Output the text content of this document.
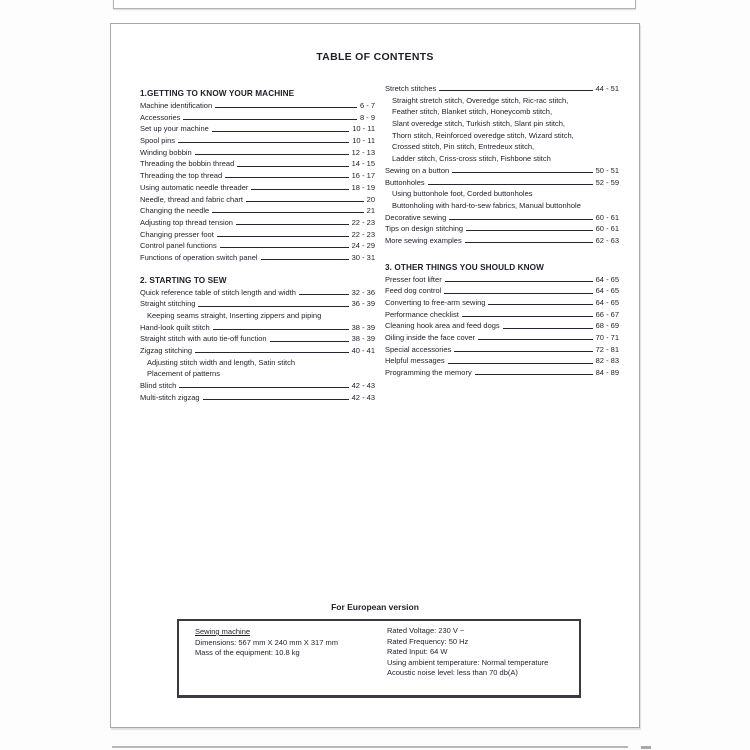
TABLE OF CONTENTS
1.GETTING TO KNOW YOUR MACHINE
Machine identification	6 - 7
Accessories	8 - 9
Set up your machine	10 - 11
Spool pins	10 - 11
Winding bobbin	12 - 13
Threading the bobbin thread	14 - 15
Threading the top thread	16 - 17
Using automatic needle threader	18 - 19
Needle, thread and fabric chart	20
Changing the needle	21
Adjusting top thread tension	22 - 23
Changing presser foot	22 - 23
Control panel functions	24 - 29
Functions of operation switch panel	30 - 31
2. STARTING TO SEW
Quick reference table of stitch length and width	32 - 36
Straight stitching	36 - 39
Keeping seams straight, Inserting zippers and piping
Hand-look quilt stitch	38 - 39
Straight stitch with auto tie-off function	38 - 39
Zigzag stitching	40 - 41
Adjusting stitch width and length, Satin stitch
Placement of patterns
Blind stitch	42 - 43
Multi-stitch zigzag	42 - 43
Stretch stitches	44 - 51
Straight stretch stitch, Overedge stitch, Ric-rac stitch,
Feather stitch, Blanket stitch, Honeycomb stitch,
Slant overedge stitch, Turkish stitch, Slant pin stitch,
Thorn stitch, Reinforced overedge stitch, Wizard stitch,
Crossed stitch, Pin stitch, Entredeux stitch,
Ladder stitch, Criss-cross stitch, Fishbone stitch
Sewing on a button	50 - 51
Buttonholes	52 - 59
Using buttonhole foot, Corded buttonholes
Buttonholing with hard-to-sew fabrics, Manual buttonhole
Decorative sewing	60 - 61
Tips on design stitching	60 - 61
More sewing examples	62 - 63
3. OTHER THINGS YOU SHOULD KNOW
Presser foot lifter	64 - 65
Feed dog control	64 - 65
Converting to free-arm sewing	64 - 65
Performance checklist	66 - 67
Cleaning hook area and feed dogs	68 - 69
Oiling inside the face cover	70 - 71
Special accessories	72 - 81
Helpful messages	82 - 83
Programming the memory	84 - 89
For European version
Sewing machine
Dimensions: 567 mm X 240 mm X 317 mm
Mass of the equipment: 10.8 kg
Rated Voltage: 230 V ~
Rated Frequency: 50 Hz
Rated Input: 64 W
Using ambient temperature: Normal temperature
Acoustic noise level: less than 70 db(A)
